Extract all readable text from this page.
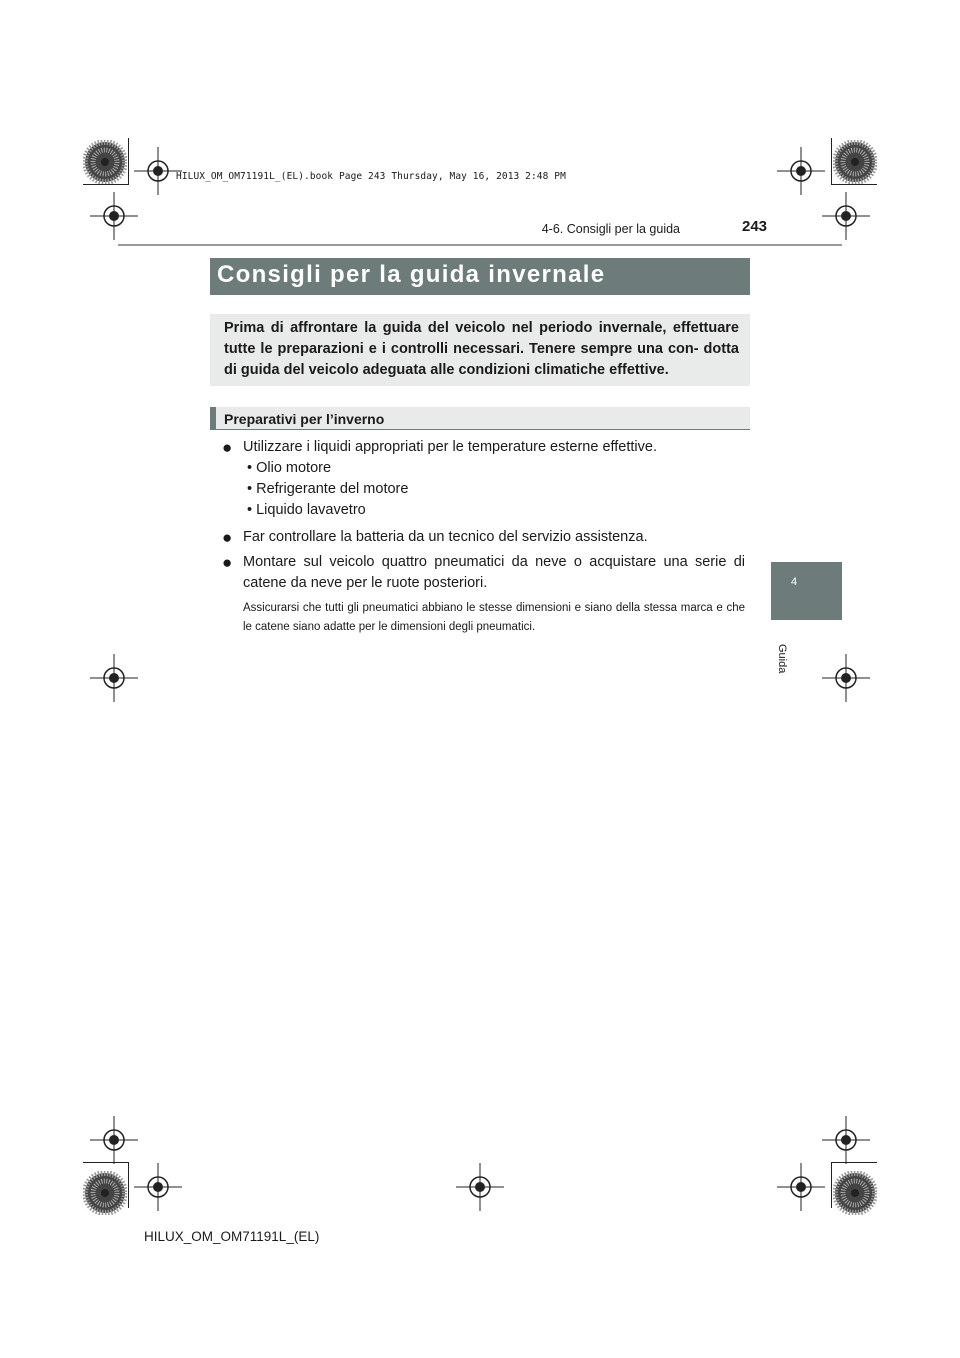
HILUX_OM_OM71191L_(EL).book Page 243 Thursday, May 16, 2013 2:48 PM
4-6. Consigli per la guida	243
4
Guida
Consigli per la guida invernale
Prima di affrontare la guida del veicolo nel periodo invernale, effettuare tutte le preparazioni e i controlli necessari. Tenere sempre una con- dotta di guida del veicolo adeguata alle condizioni climatiche effettive.
Preparativi per l’inverno
● Utilizzare i liquidi appropriati per le temperature esterne effettive.
• Olio motore
• Refrigerante del motore
• Liquido lavavetro
● Far controllare la batteria da un tecnico del servizio assistenza.
● Montare sul veicolo quattro pneumatici da neve o acquistare una serie di catene da neve per le ruote posteriori.
Assicurarsi che tutti gli pneumatici abbiano le stesse dimensioni e siano della stessa marca e che le catene siano adatte per le dimensioni degli pneumatici.
HILUX_OM_OM71191L_(EL)
